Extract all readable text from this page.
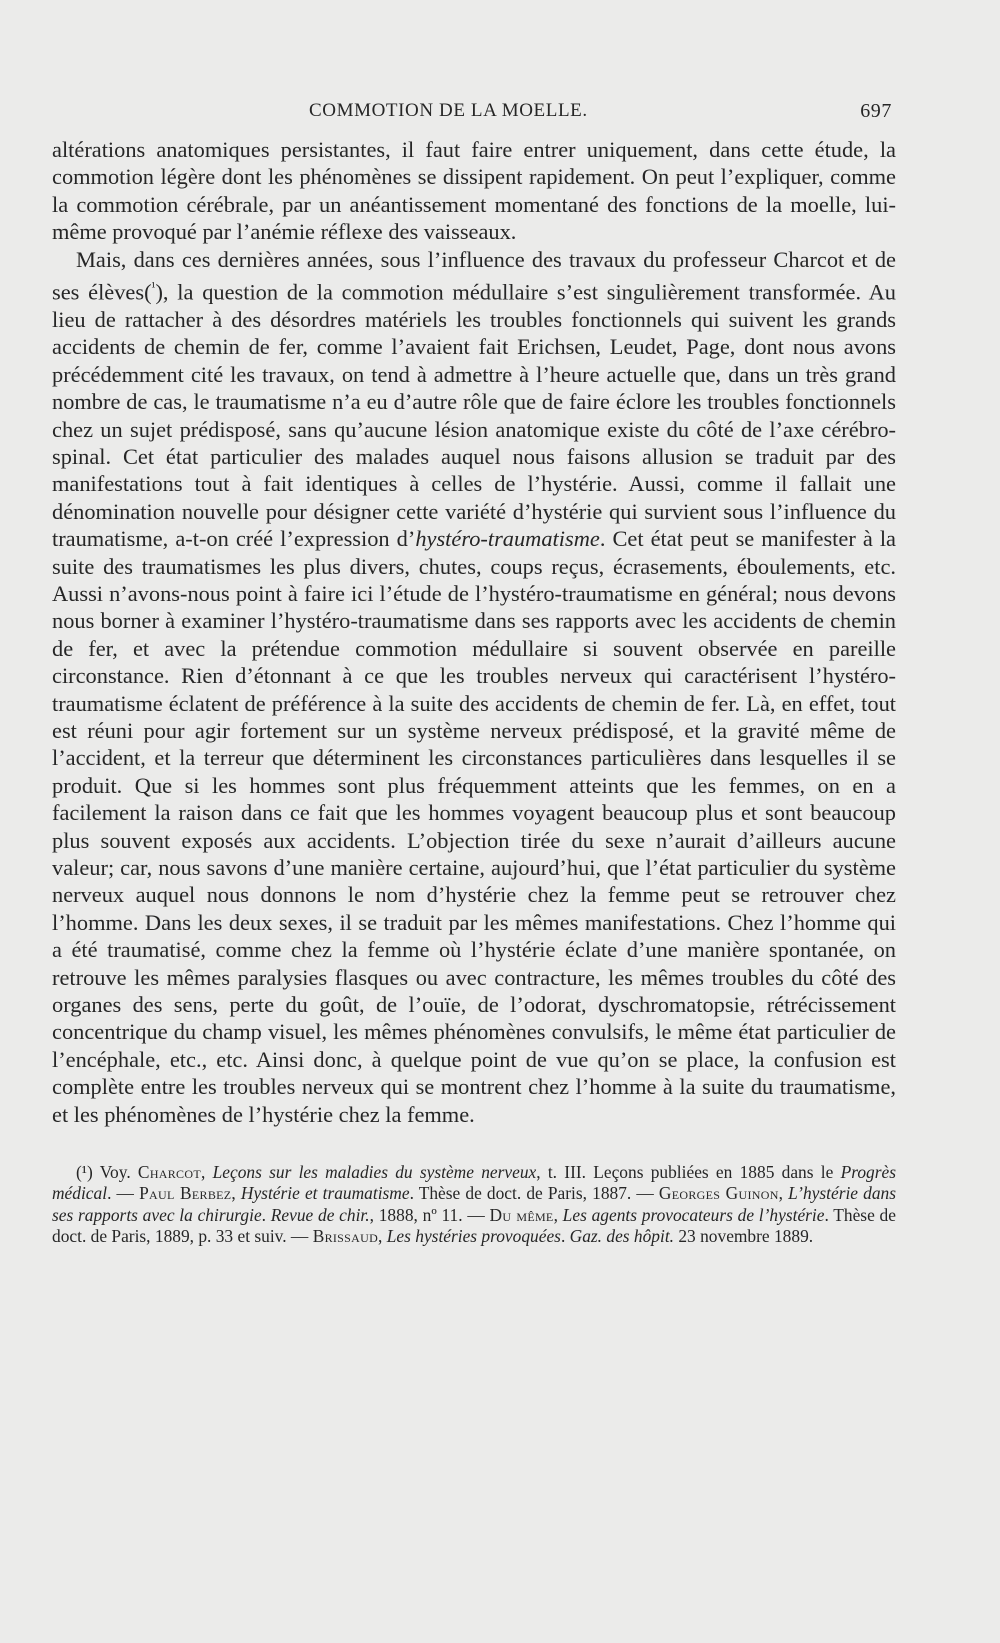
COMMOTION DE LA MOELLE.	697

altérations anatomiques persistantes, il faut faire entrer uniquement, dans cette étude, la commotion légère dont les phénomènes se dissipent rapidement. On peut l’expliquer, comme la commotion cérébrale, par un anéantissement momentané des fonctions de la moelle, lui-même provoqué par l’anémie réflexe des vaisseaux.

Mais, dans ces dernières années, sous l’influence des travaux du professeur Charcot et de ses élèves($^{^1}$), la question de la commotion médullaire s’est singulièrement transformée. Au lieu de rattacher à des désordres matériels les troubles fonctionnels qui suivent les grands accidents de chemin de fer, comme l’avaient fait Erichsen, Leudet, Page, dont nous avons précédemment cité les travaux, on tend à admettre à l’heure actuelle que, dans un très grand nombre de cas, le traumatisme n’a eu d’autre rôle que de faire éclore les troubles fonctionnels chez un sujet prédisposé, sans qu’aucune lésion anatomique existe du côté de l’axe cérébro-spinal. Cet état particulier des malades auquel nous faisons allusion se traduit par des manifestations tout à fait identiques à celles de l’hystérie. Aussi, comme il fallait une dénomination nouvelle pour désigner cette variété d’hystérie qui survient sous l’influence du traumatisme, a-t-on créé l’expression d’hystéro-traumatisme. Cet état peut se manifester à la suite des traumatismes les plus divers, chutes, coups reçus, écrasements, éboulements, etc. Aussi n’avons-nous point à faire ici l’étude de l’hystéro-traumatisme en général; nous devons nous borner à examiner l’hystéro-traumatisme dans ses rapports avec les accidents de chemin de fer, et avec la prétendue commotion médullaire si souvent observée en pareille circonstance. Rien d’étonnant à ce que les troubles nerveux qui caractérisent l’hystéro-traumatisme éclatent de préférence à la suite des accidents de chemin de fer. Là, en effet, tout est réuni pour agir fortement sur un système nerveux prédisposé, et la gravité même de l’accident, et la terreur que déterminent les circonstances particulières dans lesquelles il se produit. Que si les hommes sont plus fréquemment atteints que les femmes, on en a facilement la raison dans ce fait que les hommes voyagent beaucoup plus et sont beaucoup plus souvent exposés aux accidents. L’objection tirée du sexe n’aurait d’ailleurs aucune valeur; car, nous savons d’une manière certaine, aujourd’hui, que l’état particulier du système nerveux auquel nous donnons le nom d’hystérie chez la femme peut se retrouver chez l’homme. Dans les deux sexes, il se traduit par les mêmes manifestations. Chez l’homme qui a été traumatisé, comme chez la femme où l’hystérie éclate d’une manière spontanée, on retrouve les mêmes paralysies flasques ou avec contracture, les mêmes troubles du côté des organes des sens, perte du goût, de l’ouïe, de l’odorat, dyschromatopsie, rétrécissement concentrique du champ visuel, les mêmes phénomènes convulsifs, le même état particulier de l’encéphale, etc., etc. Ainsi donc, à quelque point de vue qu’on se place, la confusion est complète entre les troubles nerveux qui se montrent chez l’homme à la suite du traumatisme, et les phénomènes de l’hystérie chez la femme.

(¹) Voy. Charcot, Leçons sur les maladies du système nerveux, t. III. Leçons publiées en 1885 dans le Progrès médical. — Paul Berbez, Hystérie et traumatisme. Thèse de doct. de Paris, 1887. — Georges Guinon, L’hystérie dans ses rapports avec la chirurgie. Revue de chir., 1888, nº 11. — Du même, Les agents provocateurs de l’hystérie. Thèse de doct. de Paris, 1889, p. 33 et suiv. — Brissaud, Les hystéries provoquées. Gaz. des hôpit. 23 novembre 1889.
